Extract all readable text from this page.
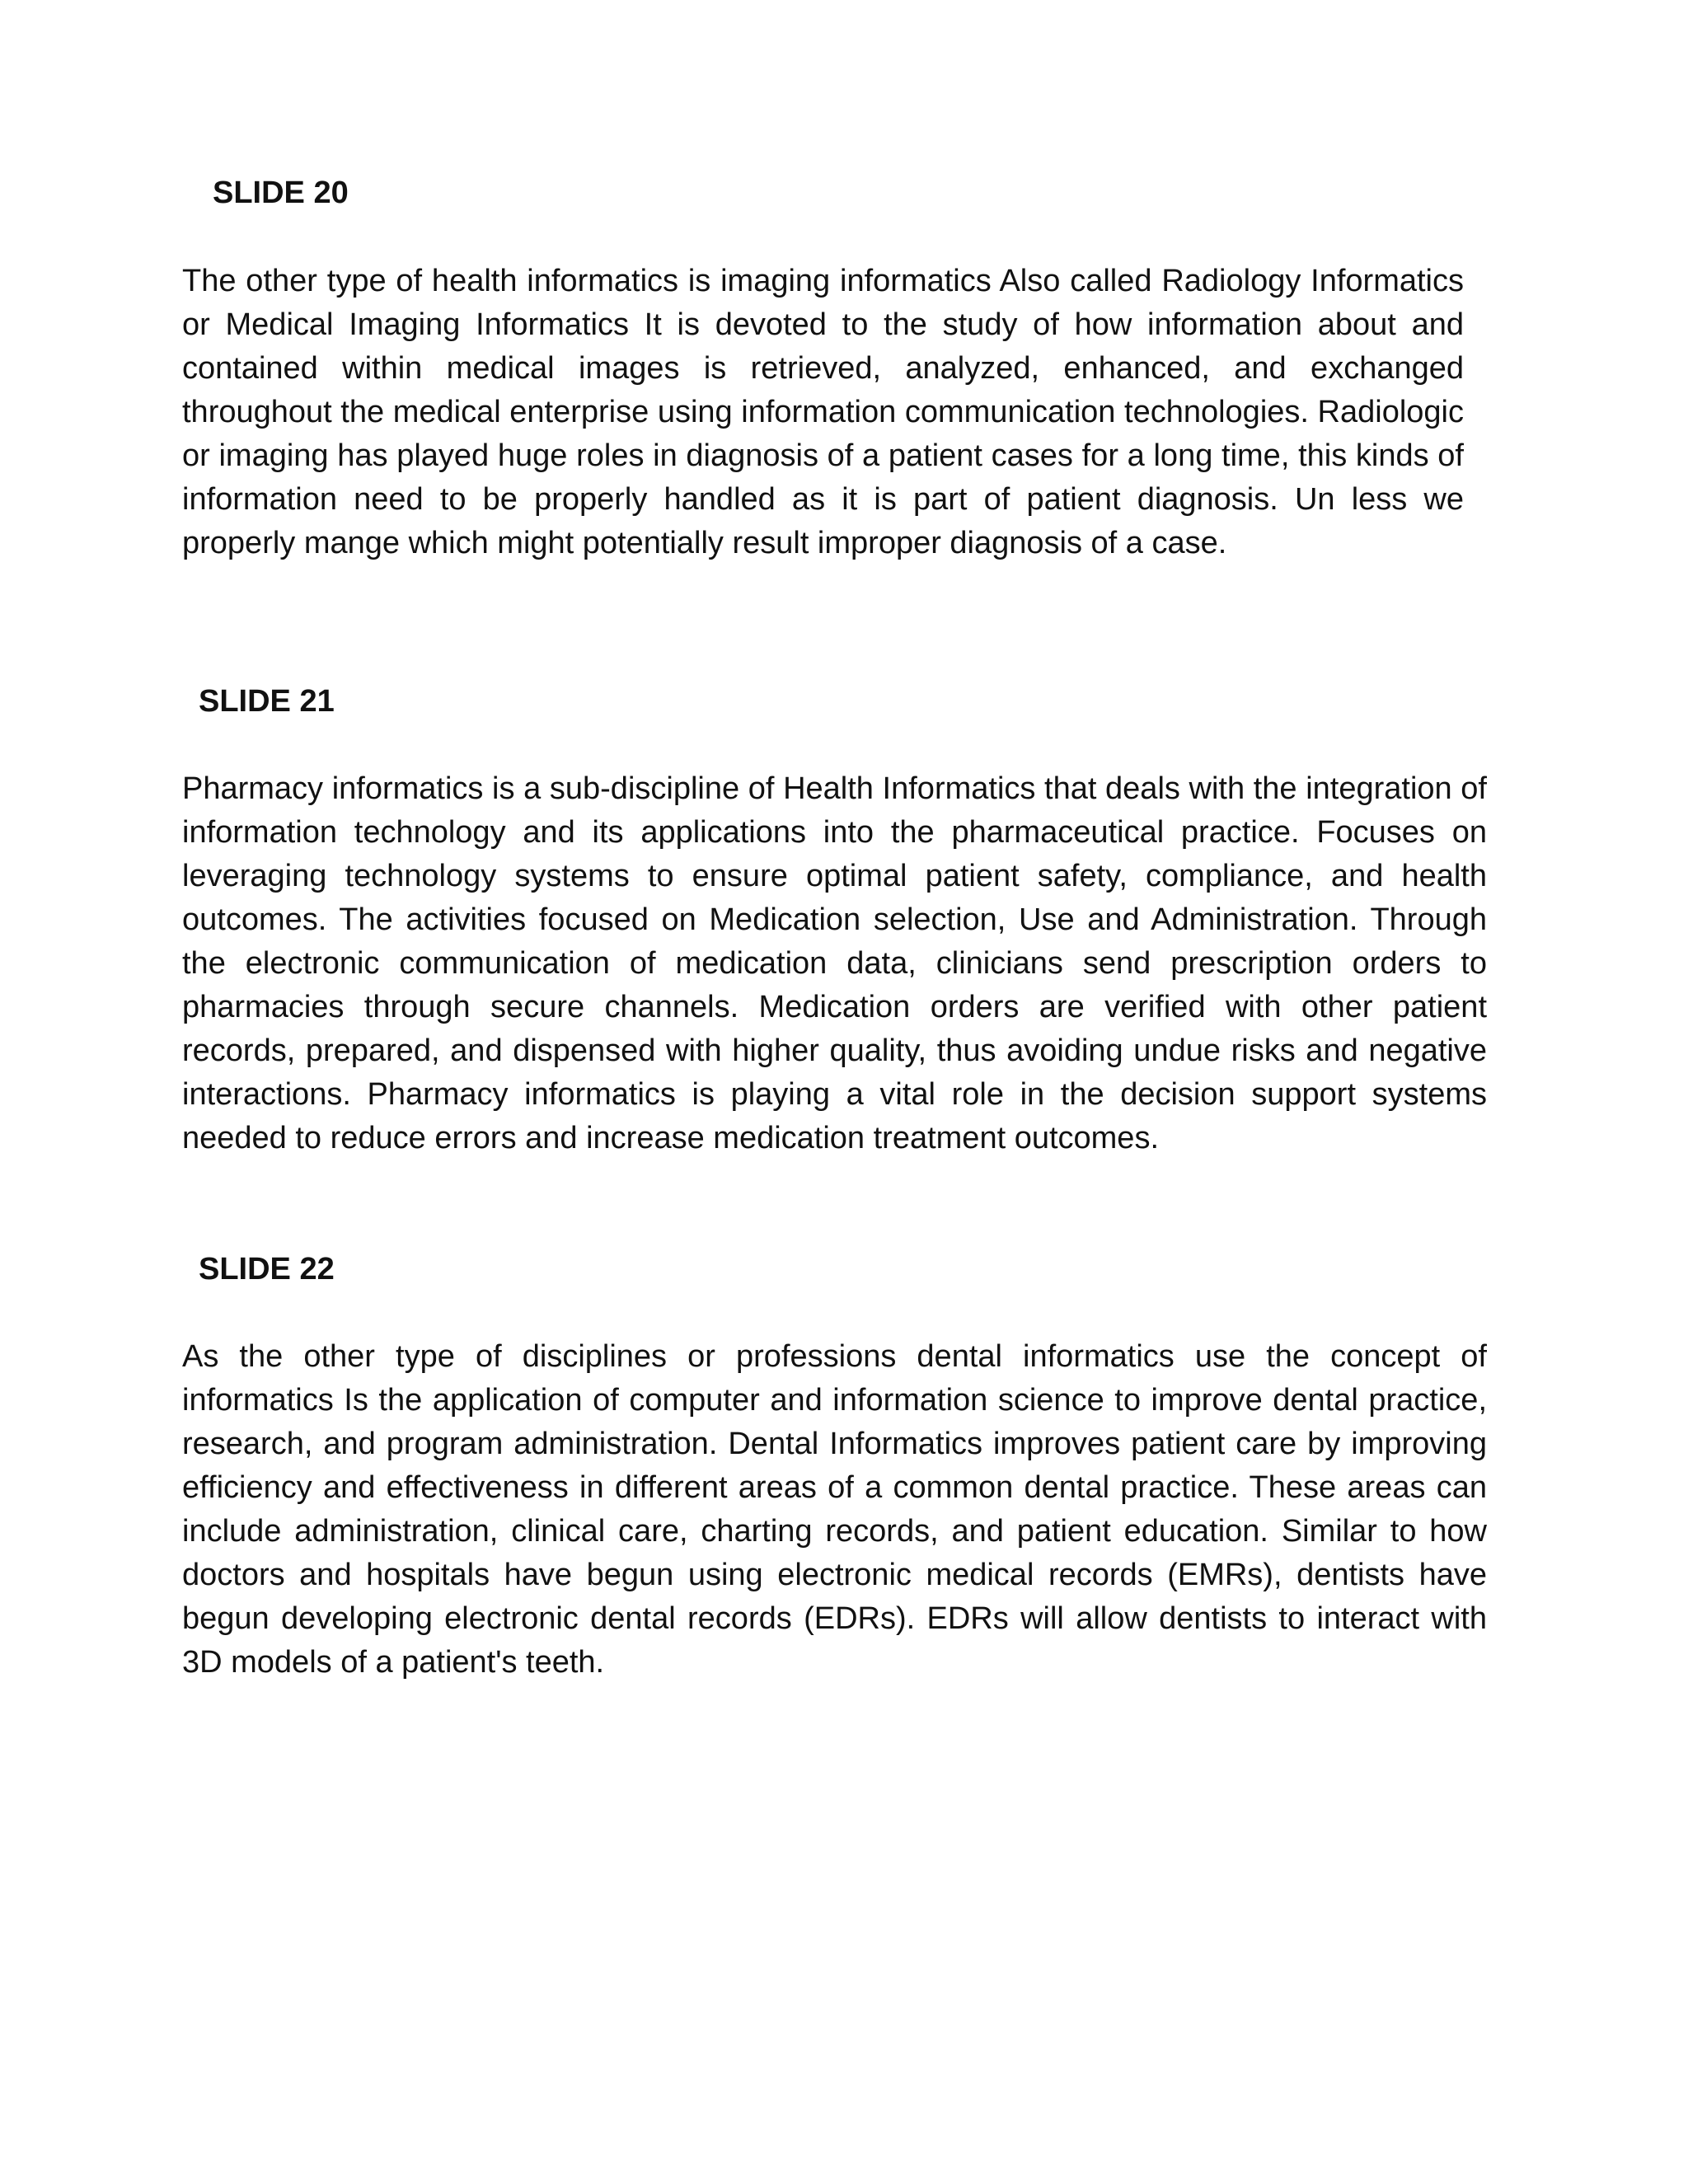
SLIDE 20

The other type of health informatics is imaging informatics Also called Radiology Informatics or Medical Imaging Informatics It is devoted to the study of how information about and contained within medical images is retrieved, analyzed, enhanced, and exchanged throughout the medical enterprise using information communication technologies. Radiologic or imaging has played huge roles in diagnosis of a patient cases for a long time, this kinds of information need to be properly handled as it is part of patient diagnosis. Un less we properly mange which might potentially result improper diagnosis of a case.

SLIDE 21

Pharmacy informatics is a sub-discipline of Health Informatics that deals with the integration of information technology and its applications into the pharmaceutical practice. Focuses on leveraging technology systems to ensure optimal patient safety, compliance, and health outcomes. The activities focused on Medication selection, Use and Administration. Through the electronic communication of medication data, clinicians send prescription orders to pharmacies through secure channels. Medication orders are verified with other patient records, prepared, and dispensed with higher quality, thus avoiding undue risks and negative interactions. Pharmacy informatics is playing a vital role in the decision support systems needed to reduce errors and increase medication treatment outcomes.

SLIDE 22

As the other type of disciplines or professions dental informatics use the concept of informatics Is the application of computer and information science to improve dental practice, research, and program administration. Dental Informatics improves patient care by improving efficiency and effectiveness in different areas of a common dental practice. These areas can include administration, clinical care, charting records, and patient education. Similar to how doctors and hospitals have begun using electronic medical records (EMRs), dentists have begun developing electronic dental records (EDRs). EDRs will allow dentists to interact with 3D models of a patient's teeth.
